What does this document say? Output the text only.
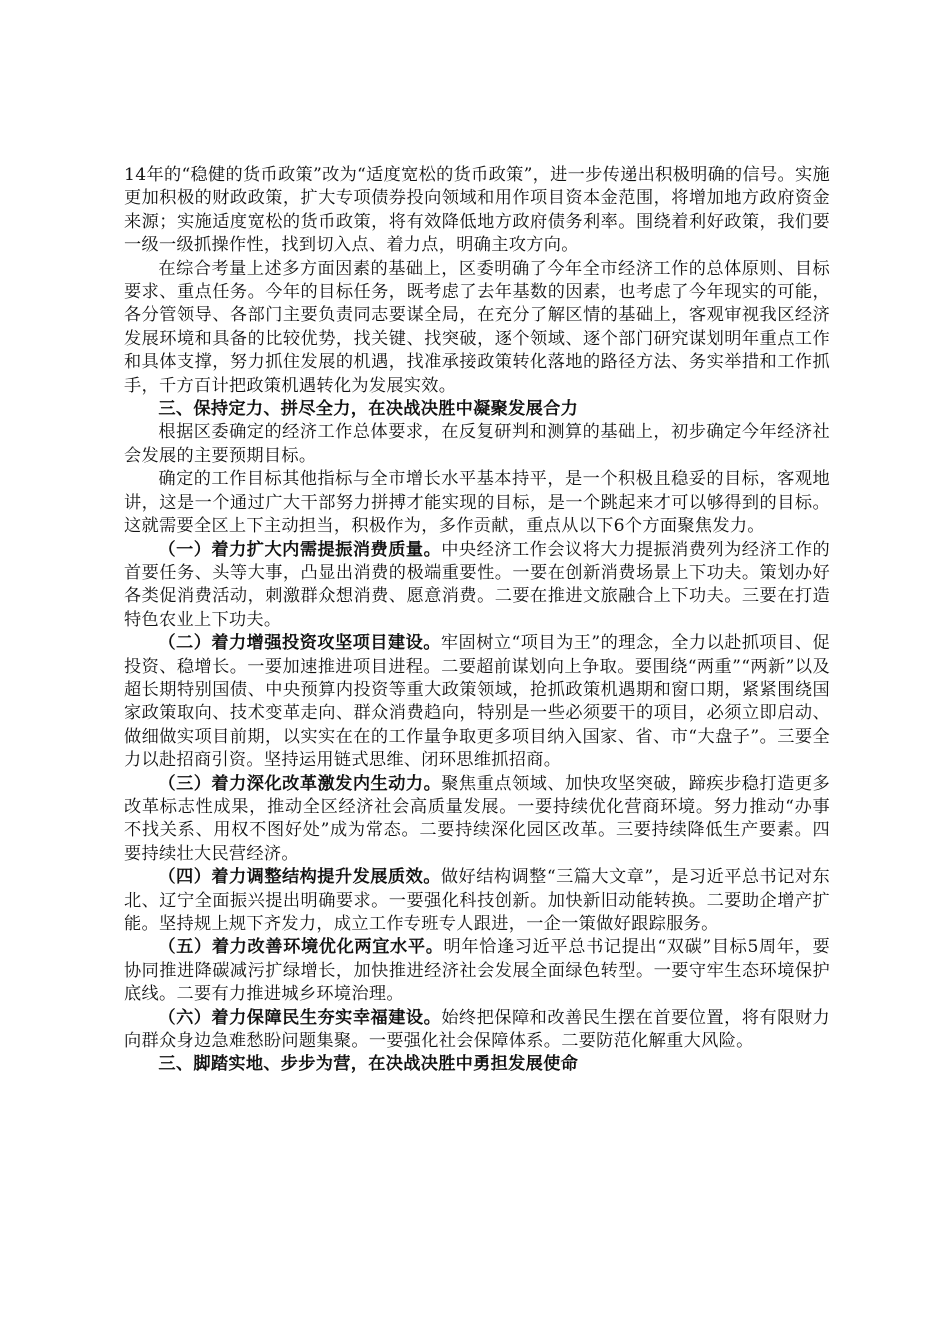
14年的“稳健的货币政策”改为“适度宽松的货币政策”，进一步传递出积极明确的信号。实施更加积极的财政政策，扩大专项债券投向领域和用作项目资本金范围，将增加地方政府资金来源；实施适度宽松的货币政策，将有效降低地方政府债务利率。围绕着利好政策，我们要一级一级抓操作性，找到切入点、着力点，明确主攻方向。

在综合考量上述多方面因素的基础上，区委明确了今年全市经济工作的总体原则、目标要求、重点任务。今年的目标任务，既考虑了去年基数的因素，也考虑了今年现实的可能，各分管领导、各部门主要负责同志要谋全局，在充分了解区情的基础上，客观审视我区经济发展环境和具备的比较优势，找关键、找突破，逐个领域、逐个部门研究谋划明年重点工作和具体支撑，努力抓住发展的机遇，找准承接政策转化落地的路径方法、务实举措和工作抓手，千方百计把政策机遇转化为发展实效。

三、保持定力、拼尽全力，在决战决胜中凝聚发展合力

根据区委确定的经济工作总体要求，在反复研判和测算的基础上，初步确定今年经济社会发展的主要预期目标。

确定的工作目标其他指标与全市增长水平基本持平，是一个积极且稳妥的目标，客观地讲，这是一个通过广大干部努力拼搏才能实现的目标，是一个跳起来才可以够得到的目标。这就需要全区上下主动担当，积极作为，多作贡献，重点从以下6个方面聚焦发力。

（一）着力扩大内需提振消费质量。中央经济工作会议将大力提振消费列为经济工作的首要任务、头等大事，凸显出消费的极端重要性。一要在创新消费场景上下功夫。策划办好各类促消费活动，刺激群众想消费、愿意消费。二要在推进文旅融合上下功夫。三要在打造特色农业上下功夫。

（二）着力增强投资攻坚项目建设。牢固树立“项目为王”的理念，全力以赴抓项目、促投资、稳增长。一要加速推进项目进程。二要超前谋划向上争取。要围绕“两重”“两新”以及超长期特别国债、中央预算内投资等重大政策领域，抢抓政策机遇期和窗口期，紧紧围绕国家政策取向、技术变革走向、群众消费趋向，特别是一些必须要干的项目，必须立即启动、做细做实项目前期，以实实在在的工作量争取更多项目纳入国家、省、市“大盘子”。三要全力以赴招商引资。坚持运用链式思维、闭环思维抓招商。

（三）着力深化改革激发内生动力。聚焦重点领域、加快攻坚突破，蹄疾步稳打造更多改革标志性成果，推动全区经济社会高质量发展。一要持续优化营商环境。努力推动“办事不找关系、用权不图好处”成为常态。二要持续深化园区改革。三要持续降低生产要素。四要持续壮大民营经济。

（四）着力调整结构提升发展质效。做好结构调整“三篇大文章”，是习近平总书记对东北、辽宁全面振兴提出明确要求。一要强化科技创新。加快新旧动能转换。二要助企增产扩能。坚持规上规下齐发力，成立工作专班专人跟进，一企一策做好跟踪服务。

（五）着力改善环境优化两宜水平。明年恰逢习近平总书记提出“双碳”目标5周年，要协同推进降碳减污扩绿增长，加快推进经济社会发展全面绿色转型。一要守牢生态环境保护底线。二要有力推进城乡环境治理。

（六）着力保障民生夯实幸福建设。始终把保障和改善民生摆在首要位置，将有限财力向群众身边急难愁盼问题集聚。一要强化社会保障体系。二要防范化解重大风险。

三、脚踏实地、步步为营，在决战决胜中勇担发展使命
